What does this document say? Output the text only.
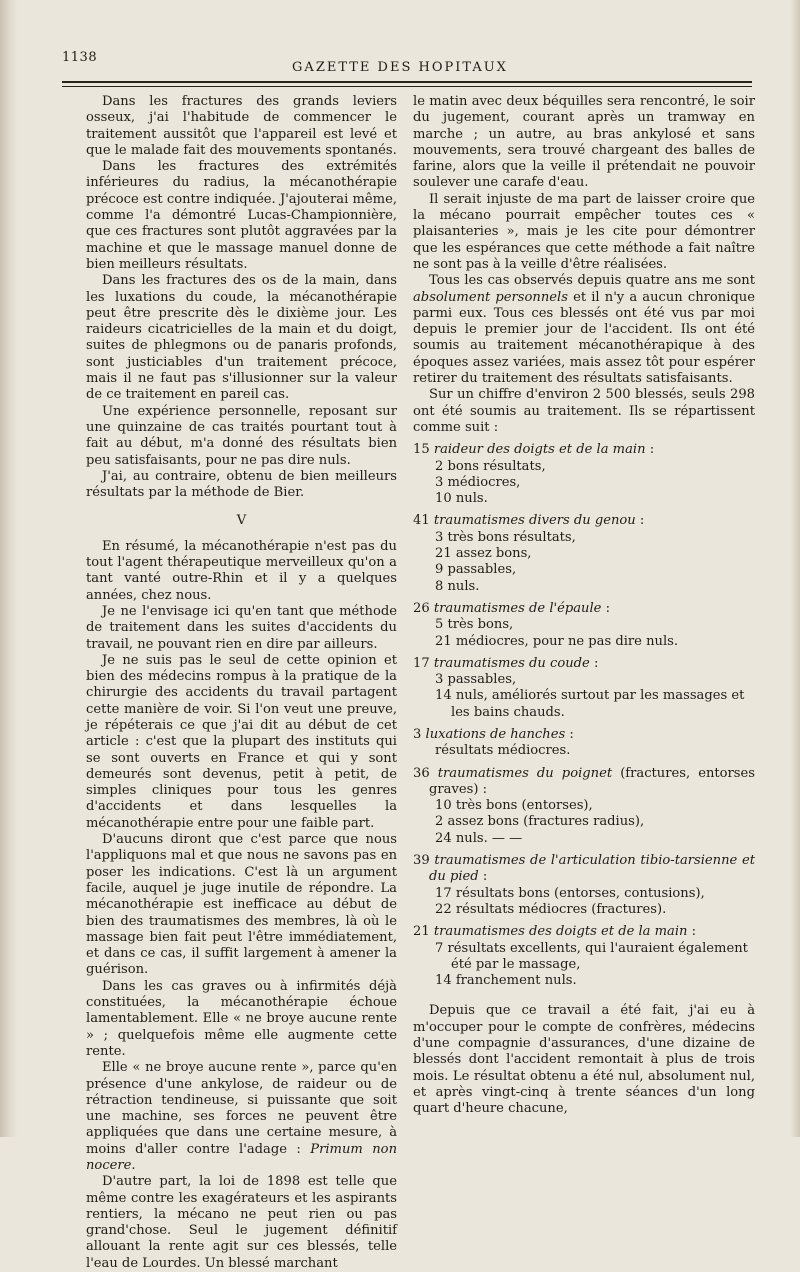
1138
GAZETTE DES HOPITAUX

Dans les fractures des grands leviers osseux, j'ai l'habitude de commencer le traitement aussitôt que l'appareil est levé et que le malade fait des mouvements spontanés.

Dans les fractures des extrémités inférieures du radius, la mécanothérapie précoce est contre indiquée. J'ajouterai même, comme l'a démontré Lucas-Championnière, que ces fractures sont plutôt aggravées par la machine et que le massage manuel donne de bien meilleurs résultats.

Dans les fractures des os de la main, dans les luxations du coude, la mécanothérapie peut être prescrite dès le dixième jour. Les raideurs cicatricielles de la main et du doigt, suites de phlegmons ou de panaris profonds, sont justiciables d'un traitement précoce, mais il ne faut pas s'illusionner sur la valeur de ce traitement en pareil cas.

Une expérience personnelle, reposant sur une quinzaine de cas traités pourtant tout à fait au début, m'a donné des résultats bien peu satisfaisants, pour ne pas dire nuls.

J'ai, au contraire, obtenu de bien meilleurs résultats par la méthode de Bier.

V

En résumé, la mécanothérapie n'est pas du tout l'agent thérapeutique merveilleux qu'on a tant vanté outre-Rhin et il y a quelques années, chez nous.

Je ne l'envisage ici qu'en tant que méthode de traitement dans les suites d'accidents du travail, ne pouvant rien en dire par ailleurs.

Je ne suis pas le seul de cette opinion et bien des médecins rompus à la pratique de la chirurgie des accidents du travail partagent cette manière de voir. Si l'on veut une preuve, je répéterais ce que j'ai dit au début de cet article : c'est que la plupart des instituts qui se sont ouverts en France et qui y sont demeurés sont devenus, petit à petit, de simples cliniques pour tous les genres d'accidents et dans lesquelles la mécanothérapie entre pour une faible part.

D'aucuns diront que c'est parce que nous l'appliquons mal et que nous ne savons pas en poser les indications. C'est là un argument facile, auquel je juge inutile de répondre. La mécanothérapie est inefficace au début de bien des traumatismes des membres, là où le massage bien fait peut l'être immédiatement, et dans ce cas, il suffit largement à amener la guérison.

Dans les cas graves ou à infirmités déjà constituées, la mécanothérapie échoue lamentablement. Elle « ne broye aucune rente » ; quelquefois même elle augmente cette rente.

Elle « ne broye aucune rente », parce qu'en présence d'une ankylose, de raideur ou de rétraction tendineuse, si puissante que soit une machine, ses forces ne peuvent être appliquées que dans une certaine mesure, à moins d'aller contre l'adage : Primum non nocere.

D'autre part, la loi de 1898 est telle que même contre les exagérateurs et les aspirants rentiers, la mécano ne peut rien ou pas grand'chose. Seul le jugement définitif allouant la rente agit sur ces blessés, telle l'eau de Lourdes. Un blessé marchant

le matin avec deux béquilles sera rencontré, le soir du jugement, courant après un tramway en marche ; un autre, au bras ankylosé et sans mouvements, sera trouvé chargeant des balles de farine, alors que la veille il prétendait ne pouvoir soulever une carafe d'eau.

Il serait injuste de ma part de laisser croire que la mécano pourrait empêcher toutes ces « plaisanteries », mais je les cite pour démontrer que les espérances que cette méthode a fait naître ne sont pas à la veille d'être réalisées.

Tous les cas observés depuis quatre ans me sont absolument personnels et il n'y a aucun chronique parmi eux. Tous ces blessés ont été vus par moi depuis le premier jour de l'accident. Ils ont été soumis au traitement mécanothérapique à des époques assez variées, mais assez tôt pour espérer retirer du traitement des résultats satisfaisants.

Sur un chiffre d'environ 2 500 blessés, seuls 298 ont été soumis au traitement. Ils se répartissent comme suit :

15 raideur des doigts et de la main :

2 bons résultats,

3 médiocres,

10 nuls.

41 traumatismes divers du genou :

3 très bons résultats,

21 assez bons,

9 passables,

8 nuls.

26 traumatismes de l'épaule :

5 très bons,

21 médiocres, pour ne pas dire nuls.

17 traumatismes du coude :

3 passables,

14 nuls, améliorés surtout par les massages et les bains chauds.

3 luxations de hanches :

résultats médiocres.

36 traumatismes du poignet (fractures, entorses graves) :

10 très bons (entorses),

2 assez bons (fractures radius),

24 nuls. — —

39 traumatismes de l'articulation tibio-tarsienne et du pied :

17 résultats bons (entorses, contusions),

22 résultats médiocres (fractures).

21 traumatismes des doigts et de la main :

7 résultats excellents, qui l'auraient également été par le massage,

14 franchement nuls.

Depuis que ce travail a été fait, j'ai eu à m'occuper pour le compte de confrères, médecins d'une compagnie d'assurances, d'une dizaine de blessés dont l'accident remontait à plus de trois mois. Le résultat obtenu a été nul, absolument nul, et après vingt-cinq à trente séances d'un long quart d'heure chacune,
